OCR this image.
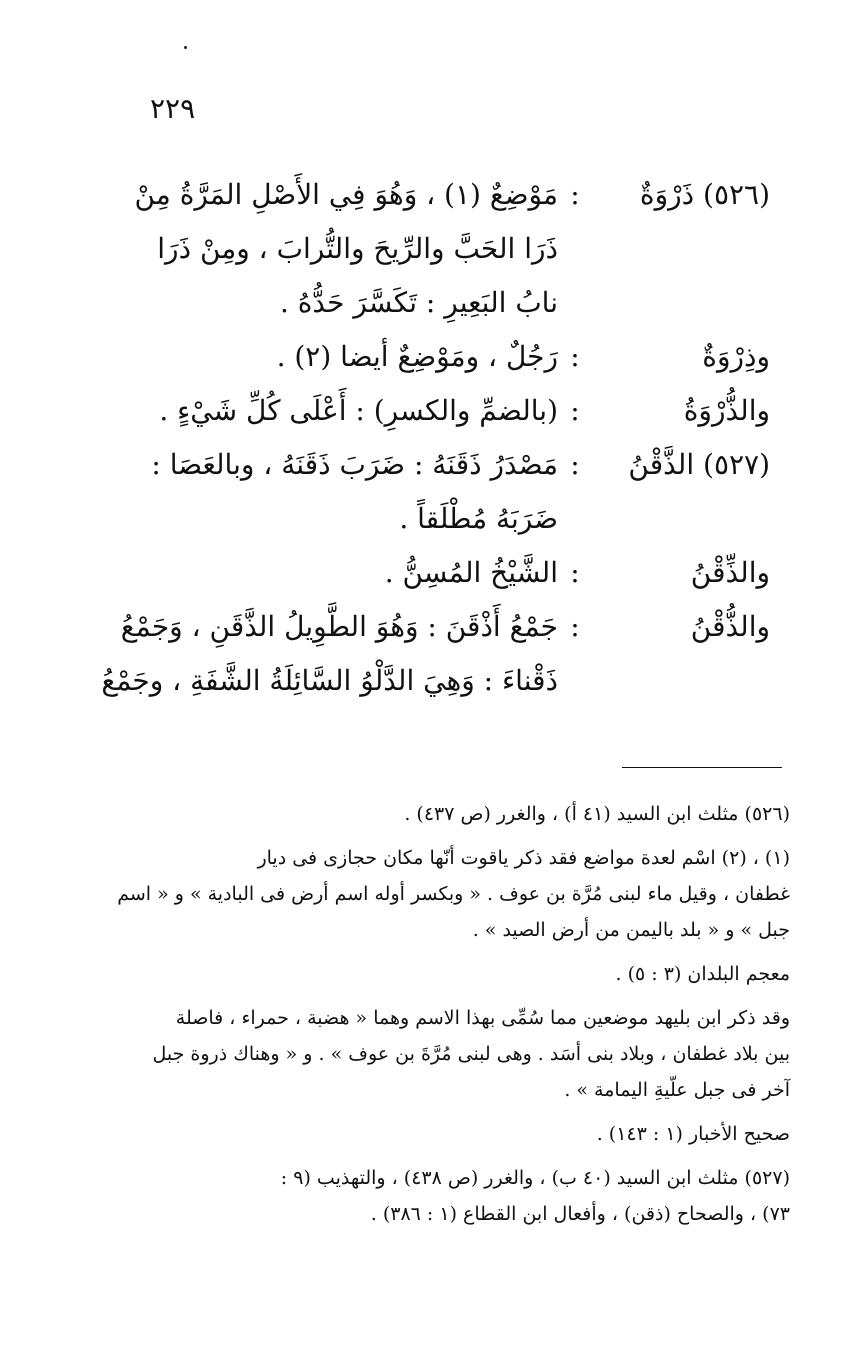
٢٢٩
(٥٢٦) ذَرْوَةٌ
:
مَوْضِعٌ (١) ، وَهُوَ فِي الأَصْلِ المَرَّةُ مِنْ
ذَرَا الحَبَّ والرِّيحَ والتُّرابَ ، ومِنْ ذَرَا
نابُ البَعِيرِ : تَكَسَّرَ حَدُّهُ .
وذِرْوَةٌ
:
رَجُلٌ ، ومَوْضِعٌ أيضا (٢) .
والذُّرْوَةُ
:
(بالضمِّ والكسرِ) : أَعْلَى كُلِّ شَيْءٍ .
(٥٢٧) الذَّقْنُ
:
مَصْدَرُ ذَقَنَهُ : ضَرَبَ ذَقَنَهُ ، وبالعَصَا :
ضَرَبَهُ مُطْلَقاً .
والذِّقْنُ
:
الشَّيْخُ المُسِنُّ .
والذُّقْنُ
:
جَمْعُ أَذْقَنَ : وَهُوَ الطَّوِيلُ الذَّقَنِ ، وَجَمْعُ
ذَقْناءَ : وَهِيَ الدَّلْوُ السَّائِلَةُ الشَّفَةِ ، وجَمْعُ
(٥٢٦) مثلث ابن السيد (٤١ أ) ، والغرر (ص ٤٣٧) .
(١) ، (٢) اسْم لعدة مواضع فقد ذكر ياقوت أنّها مكان حجازى فى ديار
غطفان ، وقيل ماء لبنى مُرَّة بن عوف . « وبكسر أوله اسم أرض فى البادية » و « اسم
جبل » و « بلد باليمن من أرض الصيد » .
معجم البلدان (٣ : ٥) .
وقد ذكر ابن بليهد موضعين مما سُمِّى بهذا الاسم وهما « هضبة ، حمراء ، فاصلة
بين بلاد غطفان ، وبلاد بنى أسَد . وهى لبنى مُرَّةَ بن عوف » . و « وهناك ذروة جبل
آخر فى جبل علّيةِ اليمامة » .
صحيح الأخبار (١ : ١٤٣) .
(٥٢٧) مثلث ابن السيد (٤٠ ب) ، والغرر (ص ٤٣٨) ، والتهذيب (٩ :
٧٣) ، والصحاح (ذقن) ، وأفعال ابن القطاع (١ : ٣٨٦) .
